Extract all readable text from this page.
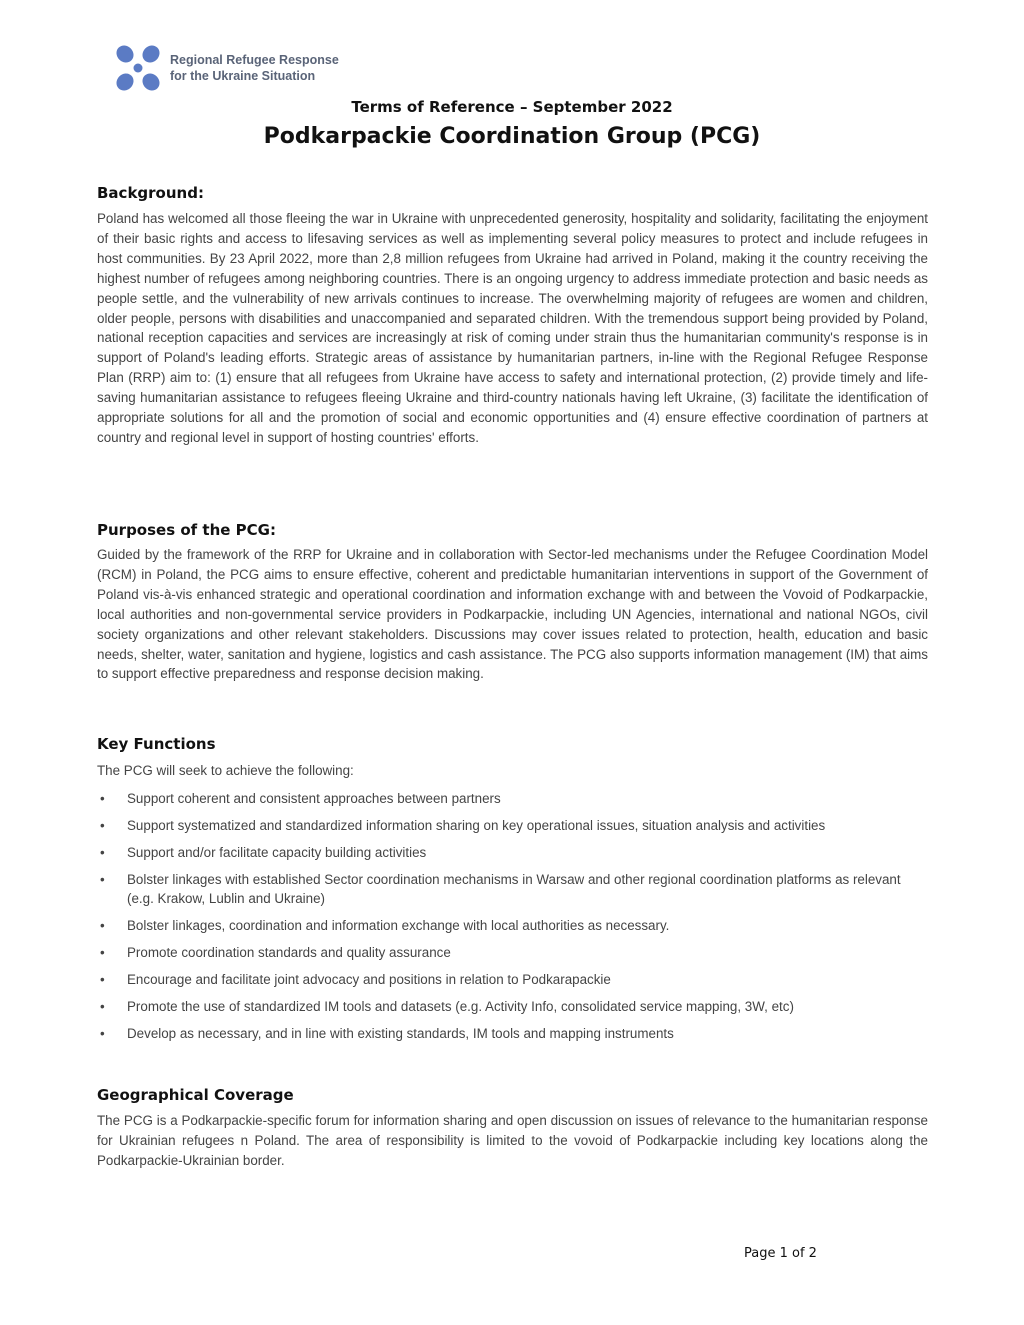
Regional Refugee Response
for the Ukraine Situation
Terms of Reference – September 2022
Podkarpackie Coordination Group (PCG)
Background:

Poland has welcomed all those fleeing the war in Ukraine with unprecedented generosity, hospitality and solidarity, facilitating the enjoyment of their basic rights and access to lifesaving services as well as implementing several policy measures to protect and include refugees in host communities. By 23 April 2022, more than 2,8 million refugees from Ukraine had arrived in Poland, making it the country receiving the highest number of refugees among neighboring countries. There is an ongoing urgency to address immediate protection and basic needs as people settle, and the vulnerability of new arrivals continues to increase. The overwhelming majority of refugees are women and children, older people, persons with disabilities and unaccompanied and separated children. With the tremendous support being provided by Poland, national reception capacities and services are increasingly at risk of coming under strain thus the humanitarian community's response is in support of Poland's leading efforts. Strategic areas of assistance by humanitarian partners, in-line with the Regional Refugee Response Plan (RRP) aim to: (1) ensure that all refugees from Ukraine have access to safety and international protection, (2) provide timely and life-saving humanitarian assistance to refugees fleeing Ukraine and third-country nationals having left Ukraine, (3) facilitate the identification of appropriate solutions for all and the promotion of social and economic opportunities and (4) ensure effective coordination of partners at country and regional level in support of hosting countries' efforts.

Purposes of the PCG:

Guided by the framework of the RRP for Ukraine and in collaboration with Sector-led mechanisms under the Refugee Coordination Model (RCM) in Poland, the PCG aims to ensure effective, coherent and predictable humanitarian interventions in support of the Government of Poland vis-à-vis enhanced strategic and operational coordination and information exchange with and between the Vovoid of Podkarpackie, local authorities and non-governmental service providers in Podkarpackie, including UN Agencies, international and national NGOs, civil society organizations and other relevant stakeholders. Discussions may cover issues related to protection, health, education and basic needs, shelter, water, sanitation and hygiene, logistics and cash assistance. The PCG also supports information management (IM) that aims to support effective preparedness and response decision making.

Key Functions

The PCG will seek to achieve the following:

• Support coherent and consistent approaches between partners
• Support systematized and standardized information sharing on key operational issues, situation analysis and activities
• Support and/or facilitate capacity building activities
• Bolster linkages with established Sector coordination mechanisms in Warsaw and other regional coordination platforms as relevant (e.g. Krakow, Lublin and Ukraine)
• Bolster linkages, coordination and information exchange with local authorities as necessary.
• Promote coordination standards and quality assurance
• Encourage and facilitate joint advocacy and positions in relation to Podkarapackie
• Promote the use of standardized IM tools and datasets (e.g. Activity Info, consolidated service mapping, 3W, etc)
• Develop as necessary, and in line with existing standards, IM tools and mapping instruments
Geographical Coverage

The PCG is a Podkarpackie-specific forum for information sharing and open discussion on issues of relevance to the humanitarian response for Ukrainian refugees n Poland. The area of responsibility is limited to the vovoid of Podkarpackie including key locations along the Podkarpackie-Ukrainian border.

Page 1 of 2
